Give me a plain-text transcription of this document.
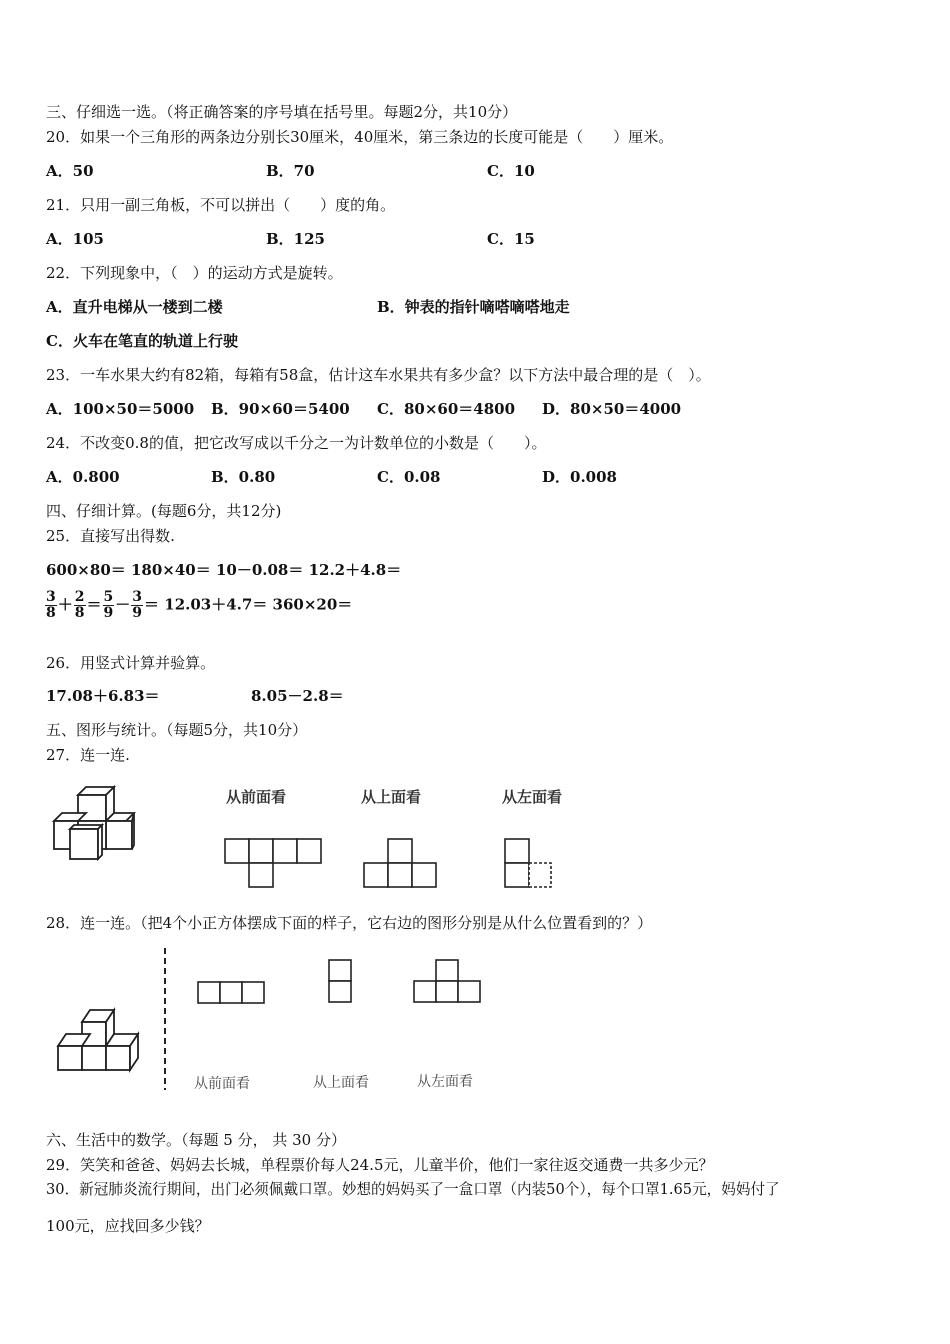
三、仔细选一选。（将正确答案的序号填在括号里。每题2分，共10分）
20．如果一个三角形的两条边分别长30厘米，40厘米，第三条边的长度可能是（　　）厘米。
A．50	B．70	C．10
21．只用一副三角板，不可以拼出（　　）度的角。
A．105	B．125	C．15
22．下列现象中，（　）的运动方式是旋转。
A．直升电梯从一楼到二楼	B．钟表的指针嘀嗒嘀嗒地走
C．火车在笔直的轨道上行驶
23．一车水果大约有82箱，每箱有58盒，估计这车水果共有多少盒？以下方法中最合理的是（　）。
A．100×50＝5000 B．90×60＝5400 C．80×60＝4800 D．80×50＝4000
24．不改变0.8的值，把它改写成以千分之一为计数单位的小数是（　　）。
A．0.800	B．0.80	C．0.08	D．0.008
四、仔细计算。(每题6分，共12分)
25．直接写出得数.
600×80＝ 180×40＝ 10－0.08＝ 12.2＋4.8＝
$\frac{3}{8} + \frac{2}{8} = \frac{5}{9} - \frac{3}{9} = 12.03+4.7= 360\times 20=$
26．用竖式计算并验算。
17.08＋6.83＝	8.05－2.8＝
五、图形与统计。（每题5分，共10分）
27．连一连.
从前面看	从上面看	从左面看
28．连一连。（把4个小正方体摆成下面的样子，它右边的图形分别是从什么位置看到的？）
从前面看	从上面看	从左面看
六、生活中的数学。（每题 5 分， 共 30 分）
29．笑笑和爸爸、妈妈去长城，单程票价每人24.5元，儿童半价，他们一家往返交通费一共多少元？
30．新冠肺炎流行期间，出门必须佩戴口罩。妙想的妈妈买了一盒口罩（内装50个），每个口罩1.65元，妈妈付了
100元，应找回多少钱？
